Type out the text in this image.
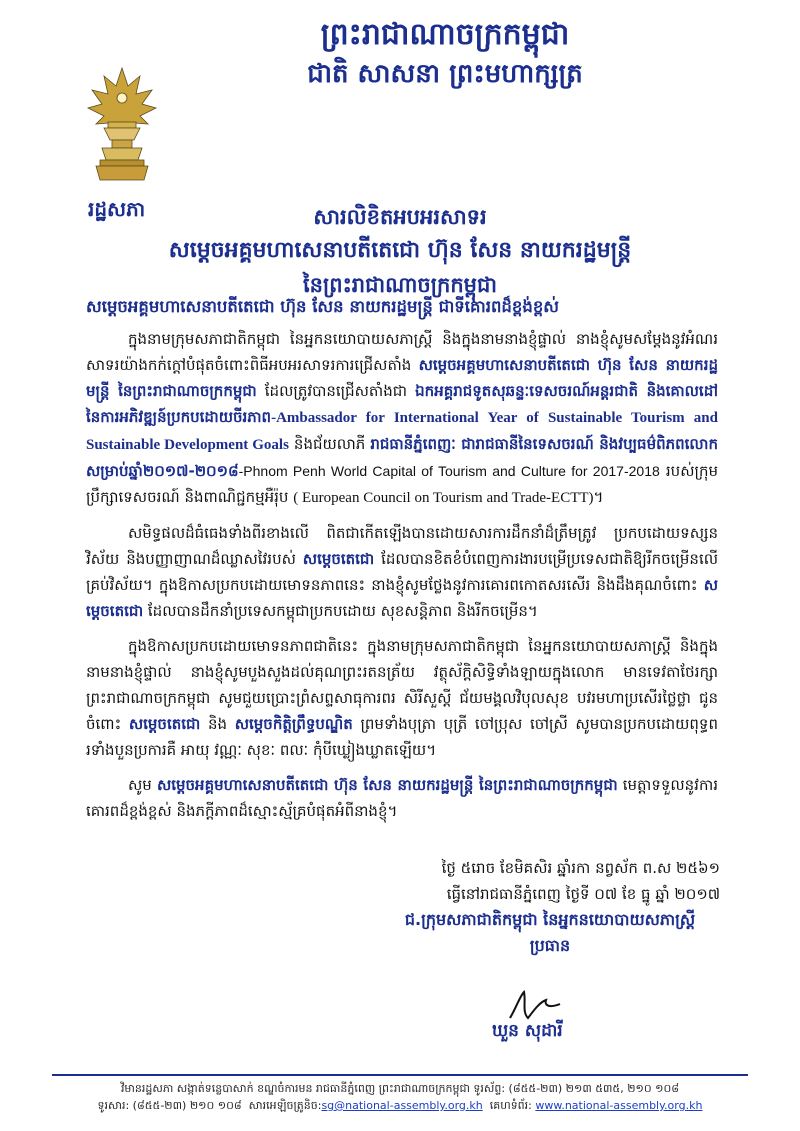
ព្រះរាជាណាចក្រកម្ពុជា
ជាតិ សាសនា ព្រះមហាក្សត្រ
រដ្ឋសភា	សារលិខិតអបអរសាទរ
សម្តេចអគ្គមហាសេនាបតីតេជោ ហ៊ុន សែន នាយករដ្ឋមន្ត្រី
នៃព្រះរាជាណាចក្រកម្ពុជា
សម្តេចអគ្គមហាសេនាបតីតេជោ ហ៊ុន សែន នាយករដ្ឋមន្ត្រី ជាទីគោរពដ៏ខ្ពង់ខ្ពស់
ក្នុងនាមក្រុមសភាជាតិកម្ពុជា នៃអ្នកនយោបាយសភាស្ត្រី និងក្នុងនាមនាងខ្ញុំផ្ទាល់ នាងខ្ញុំសូមសម្តែងនូវអំណរសាទរយ៉ាងកក់ក្តៅបំផុតចំពោះពិធីអបអរសាទរការជ្រើសតាំង សម្តេចអគ្គមហាសេនាបតីតេជោ ហ៊ុន សែន នាយករដ្ឋមន្ត្រី នៃព្រះរាជាណាចក្រកម្ពុជា ដែលត្រូវបានជ្រើសតាំងជា ឯកអគ្គរាជទូតសុឆន្ទៈទេសចរណ៍អន្តរជាតិ និងគោលដៅ នៃការអភិវឌ្ឍន៍ប្រកបដោយចីរភាព-Ambassador for International Year of Sustainable Tourism and Sustainable Development Goals និងជ័យលាភី រាជធានីភ្នំពេញៈ ជារាជធានីនៃទេសចរណ៍ និងវប្បធម៌ពិភពលោកសម្រាប់ឆ្នាំ២០១៧-២០១៨-Phnom Penh World Capital of Tourism and Culture for 2017-2018 របស់ក្រុមប្រឹក្សាទេសចរណ៍ និងពាណិជ្ជកម្មអឺរ៉ុប ( European Council on Tourism and Trade-ECTT)។
សមិទ្ធផលដ៏ធំធេងទាំងពីរខាងលើ ពិតជាកើតឡើងបានដោយសារការដឹកនាំដ៏ត្រឹមត្រូវ ប្រកបដោយទស្សនវិស័យ និងបញ្ញាញាណដ៏ឈ្លាសវៃរបស់ សម្តេចតេជោ ដែលបានខិតខំបំពេញការងារបម្រើប្រទេសជាតិឱ្យរីកចម្រើនលើគ្រប់វិស័យ។ ក្នុងឱកាសប្រកបដោយមោទនភាពនេះ នាងខ្ញុំសូមថ្លែងនូវការគោរពកោតសរសើរ និងដឹងគុណចំពោះ សម្តេចតេជោ ដែលបានដឹកនាំប្រទេសកម្ពុជាប្រកបដោយ សុខសន្តិភាព និងរីកចម្រើន។
ក្នុងឱកាសប្រកបដោយមោទនភាពជាតិនេះ ក្នុងនាមក្រុមសភាជាតិកម្ពុជា នៃអ្នកនយោបាយសភាស្ត្រី និងក្នុងនាមនាងខ្ញុំផ្ទាល់ នាងខ្ញុំសូមបួងសួងដល់គុណព្រះរតនត្រ័យ វត្ថុស័ក្តិសិទ្ធិទាំងឡាយក្នុងលោក មានទេវតាថែរក្សាព្រះរាជាណាចក្រកម្ពុជា សូមជួយប្រោះព្រំសព្ទសាធុការពរ សិរីសួស្តី ជ័យមង្គលវិបុលសុខ បវរមហាប្រសើរថ្លៃថ្លា ជូនចំពោះ សម្តេចតេជោ និង សម្តេចកិត្តិព្រឹទ្ធបណ្ឌិត ព្រមទាំងបុត្រា បុត្រី ចៅប្រុស ចៅស្រី សូមបានប្រកបដោយពុទ្ធពរទាំងបួនប្រការគឺ អាយុ វណ្ណៈ សុខៈ ពលៈ កុំបីឃ្លៀងឃ្លាតឡើយ។
សូម សម្តេចអគ្គមហាសេនាបតីតេជោ ហ៊ុន សែន នាយករដ្ឋមន្ត្រី នៃព្រះរាជាណាចក្រកម្ពុជា មេត្តាទទួលនូវការគោរពដ៏ខ្ពង់ខ្ពស់ និងភក្តីភាពដ៏ស្មោះស្ម័គ្របំផុតអំពីនាងខ្ញុំ។
ថ្ងៃ ៥រោច ខែមិគសិរ ឆ្នាំរកា នព្វស័ក ព.ស ២៥៦១
ធ្វើនៅរាជធានីភ្នំពេញ ថ្ងៃទី ០៧ ខែ ធ្នូ ឆ្នាំ ២០១៧
ជ.ក្រុមសភាជាតិកម្ពុជា នៃអ្នកនយោបាយសភាស្ត្រី
ប្រធាន
ឃួន សុដារី
វិមានរដ្ឋសភា សង្កាត់ទន្លេបាសាក់ ខណ្ឌចំការមន រាជធានីភ្នំពេញ ព្រះរាជាណាចក្រកម្ពុជា ទូរស័ព្ទ: (៨៥៥-២៣) ២១៣ ៥៣៥, ២១០ ១០៨
ទូរសារ: (៨៥៥-២៣) ២១០ ១០៨ សារអេឡិចត្រូនិច:sg@national-assembly.org.kh គេហទំព័រ: www.national-assembly.org.kh
